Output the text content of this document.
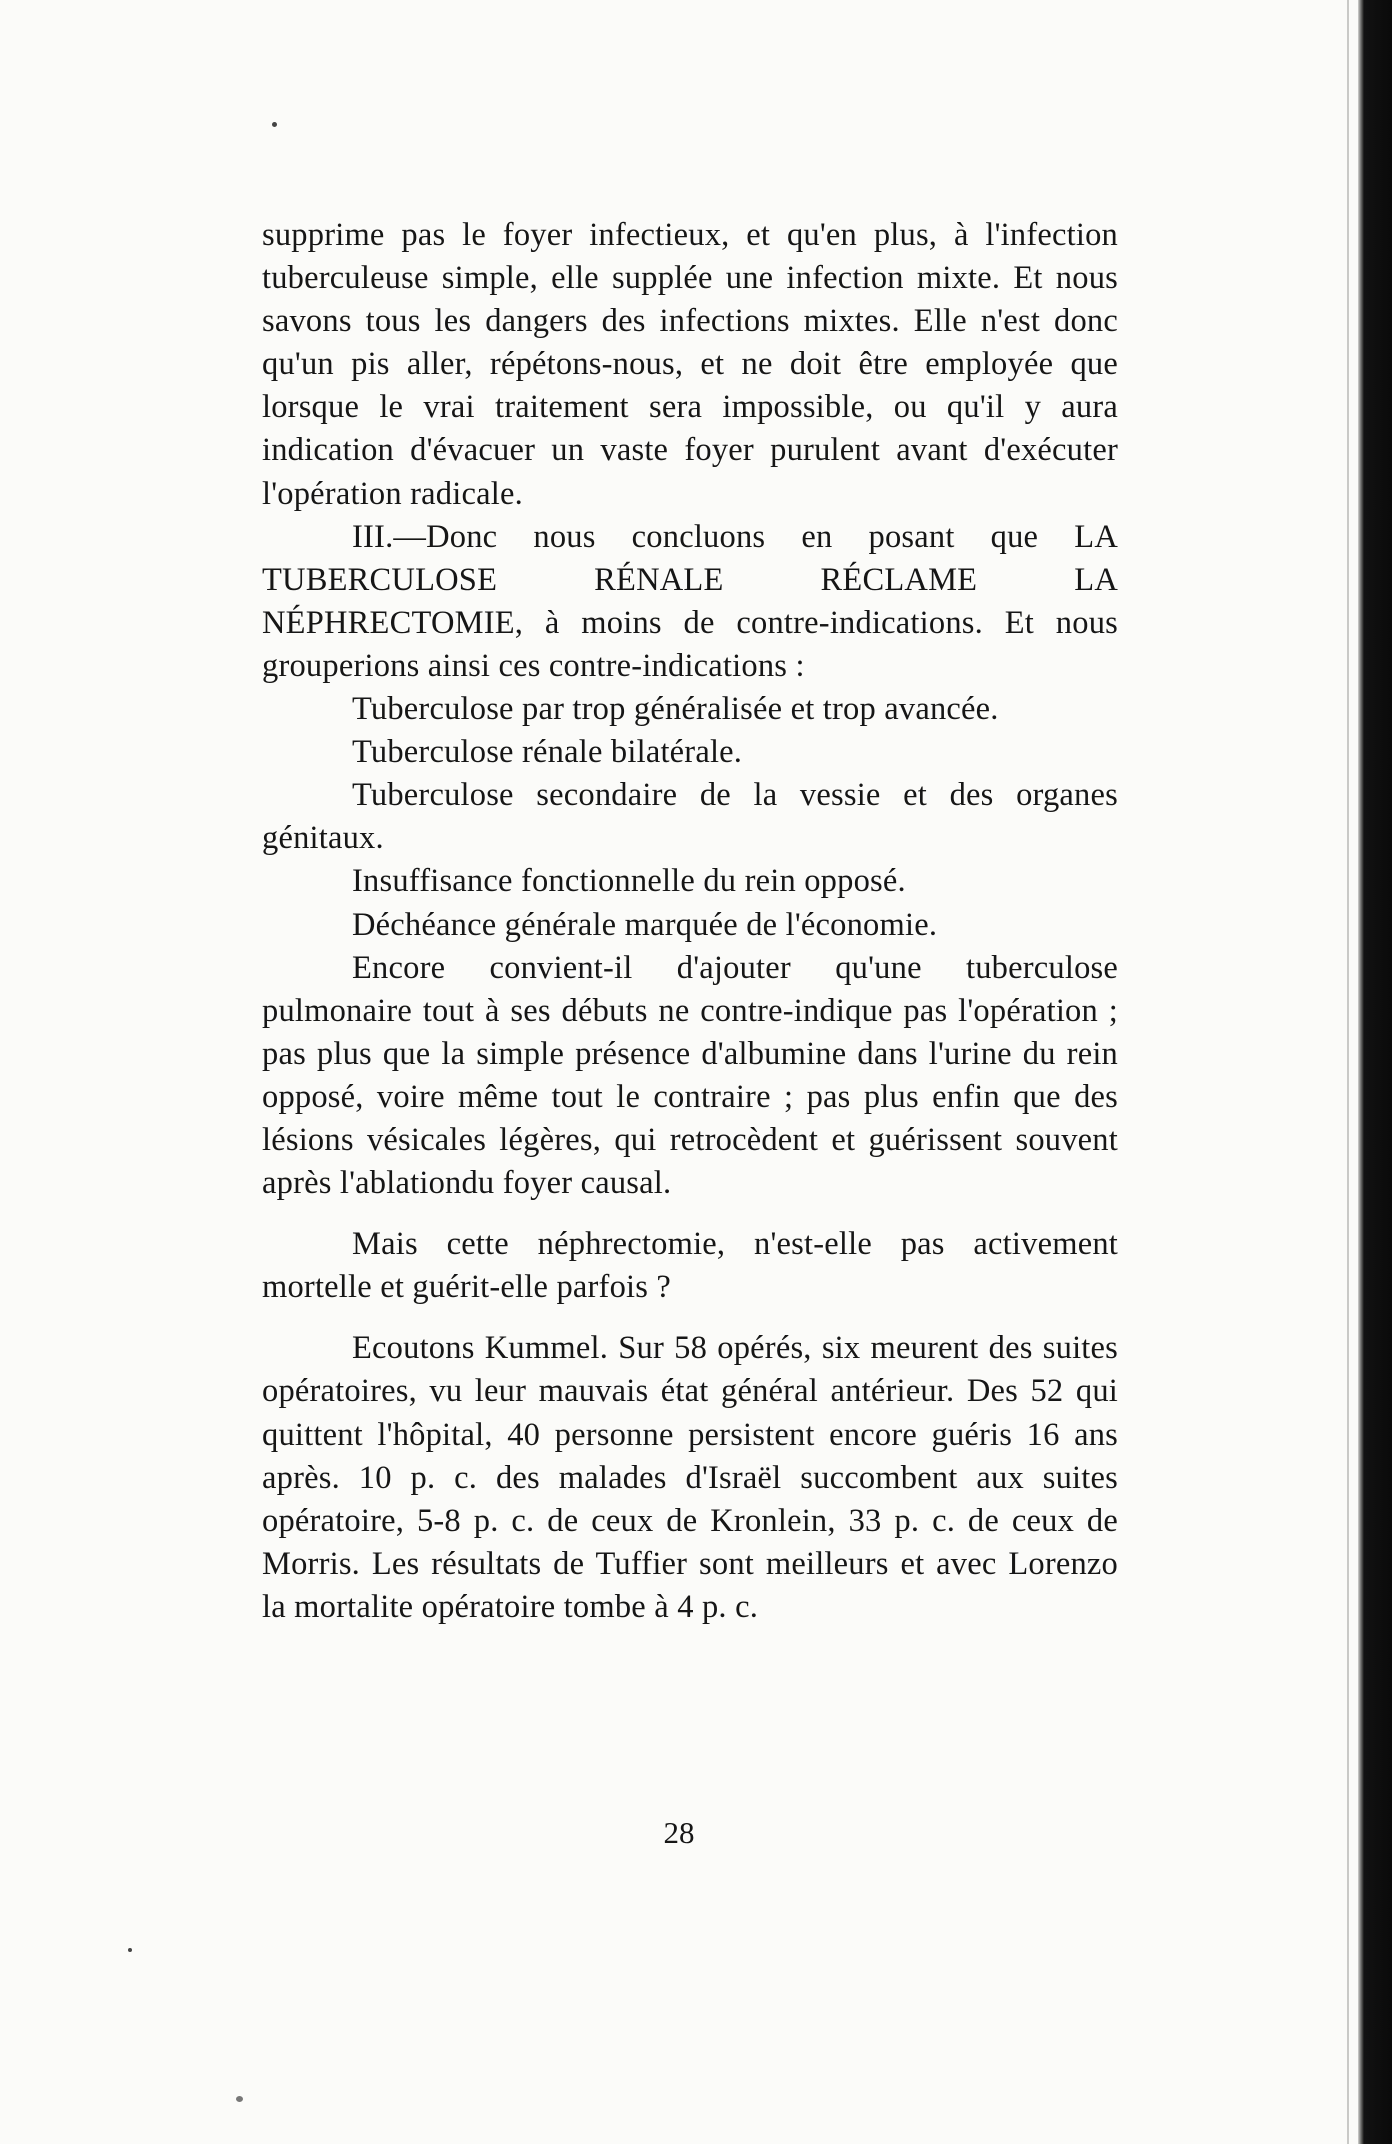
supprime pas le foyer infectieux, et qu'en plus, à l'infection tuberculeuse simple, elle supplée une infection mixte. Et nous savons tous les dangers des infections mixtes. Elle n'est donc qu'un pis aller, répétons-nous, et ne doit être employée que lorsque le vrai traitement sera impossible, ou qu'il y aura indication d'évacuer un vaste foyer purulent avant d'exécuter l'opération radicale.

III.—Donc nous concluons en posant que LA TUBERCULOSE RÉNALE RÉCLAME LA NÉPHRECTOMIE, à moins de contre-indications. Et nous grouperions ainsi ces contre-indications :

Tuberculose par trop généralisée et trop avancée.

Tuberculose rénale bilatérale.

Tuberculose secondaire de la vessie et des organes génitaux.

Insuffisance fonctionnelle du rein opposé.

Déchéance générale marquée de l'économie.

Encore convient-il d'ajouter qu'une tuberculose pulmonaire tout à ses débuts ne contre-indique pas l'opération ; pas plus que la simple présence d'albumine dans l'urine du rein opposé, voire même tout le contraire ; pas plus enfin que des lésions vésicales légères, qui retrocèdent et guérissent souvent après l'ablationdu foyer causal.

Mais cette néphrectomie, n'est-elle pas activement mortelle et guérit-elle parfois ?

Ecoutons Kummel. Sur 58 opérés, six meurent des suites opératoires, vu leur mauvais état général antérieur. Des 52 qui quittent l'hôpital, 40 personne persistent encore guéris 16 ans après. 10 p. c. des malades d'Israël succombent aux suites opératoire, 5-8 p. c. de ceux de Kronlein, 33 p. c. de ceux de Morris. Les résultats de Tuffier sont meilleurs et avec Lorenzo la mortalite opératoire tombe à 4 p. c.

28
